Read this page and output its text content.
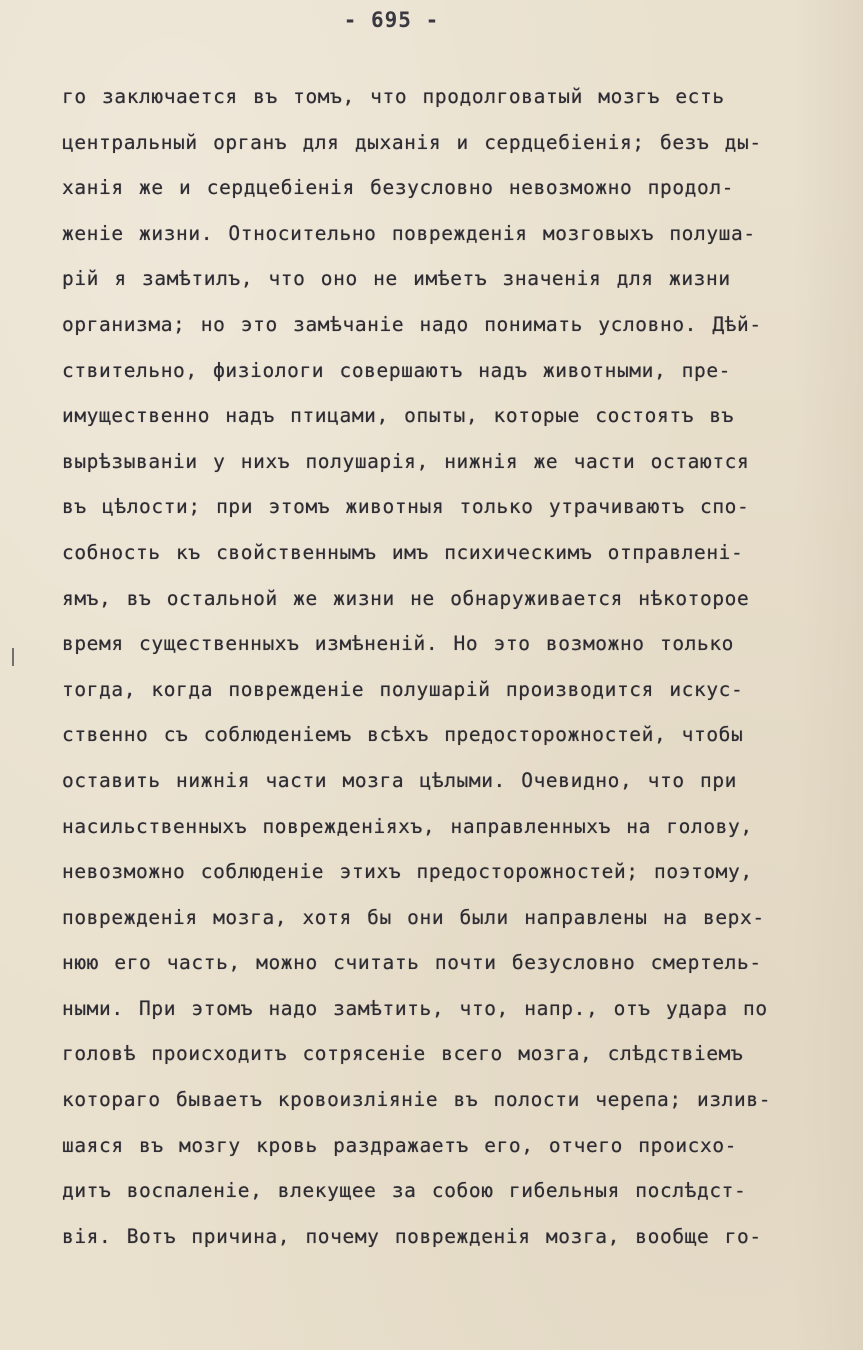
- 695 -
го заключается въ томъ, что продолговатый мозгъ есть
центральный органъ для дыханія и сердцебіенія; безъ ды-
ханія же и сердцебіенія безусловно невозможно продол-
женіе жизни. Относительно поврежденія мозговыхъ полуша-
рій я замѣтилъ, что оно не имѣетъ значенія для жизни
организма; но это замѣчаніе надо понимать условно. Дѣй-
ствительно, физіологи совершаютъ надъ животными, пре-
имущественно надъ птицами, опыты, которые состоятъ въ
вырѣзываніи у нихъ полушарія, нижнія же части остаются
въ цѣлости; при этомъ животныя только утрачиваютъ спо-
собность къ свойственнымъ имъ психическимъ отправлені-
ямъ, въ остальной же жизни не обнаруживается нѣкоторое
время существенныхъ измѣненій. Но это возможно только
тогда, когда поврежденіе полушарій производится искус-
ственно съ соблюденіемъ всѣхъ предосторожностей, чтобы
оставить нижнія части мозга цѣлыми. Очевидно, что при
насильственныхъ поврежденіяхъ, направленныхъ на голову,
невозможно соблюденіе этихъ предосторожностей; поэтому,
поврежденія мозга, хотя бы они были направлены на верх-
нюю его часть, можно считать почти безусловно смертель-
ными. При этомъ надо замѣтить, что, напр., отъ удара по
головѣ происходитъ сотрясеніе всего мозга, слѣдствіемъ
котораго бываетъ кровоизліяніе въ полости черепа; излив-
шаяся въ мозгу кровь раздражаетъ его, отчего происхо-
дитъ воспаленіе, влекущее за собою гибельныя послѣдст-
вія. Вотъ причина, почему поврежденія мозга, вообще го-
